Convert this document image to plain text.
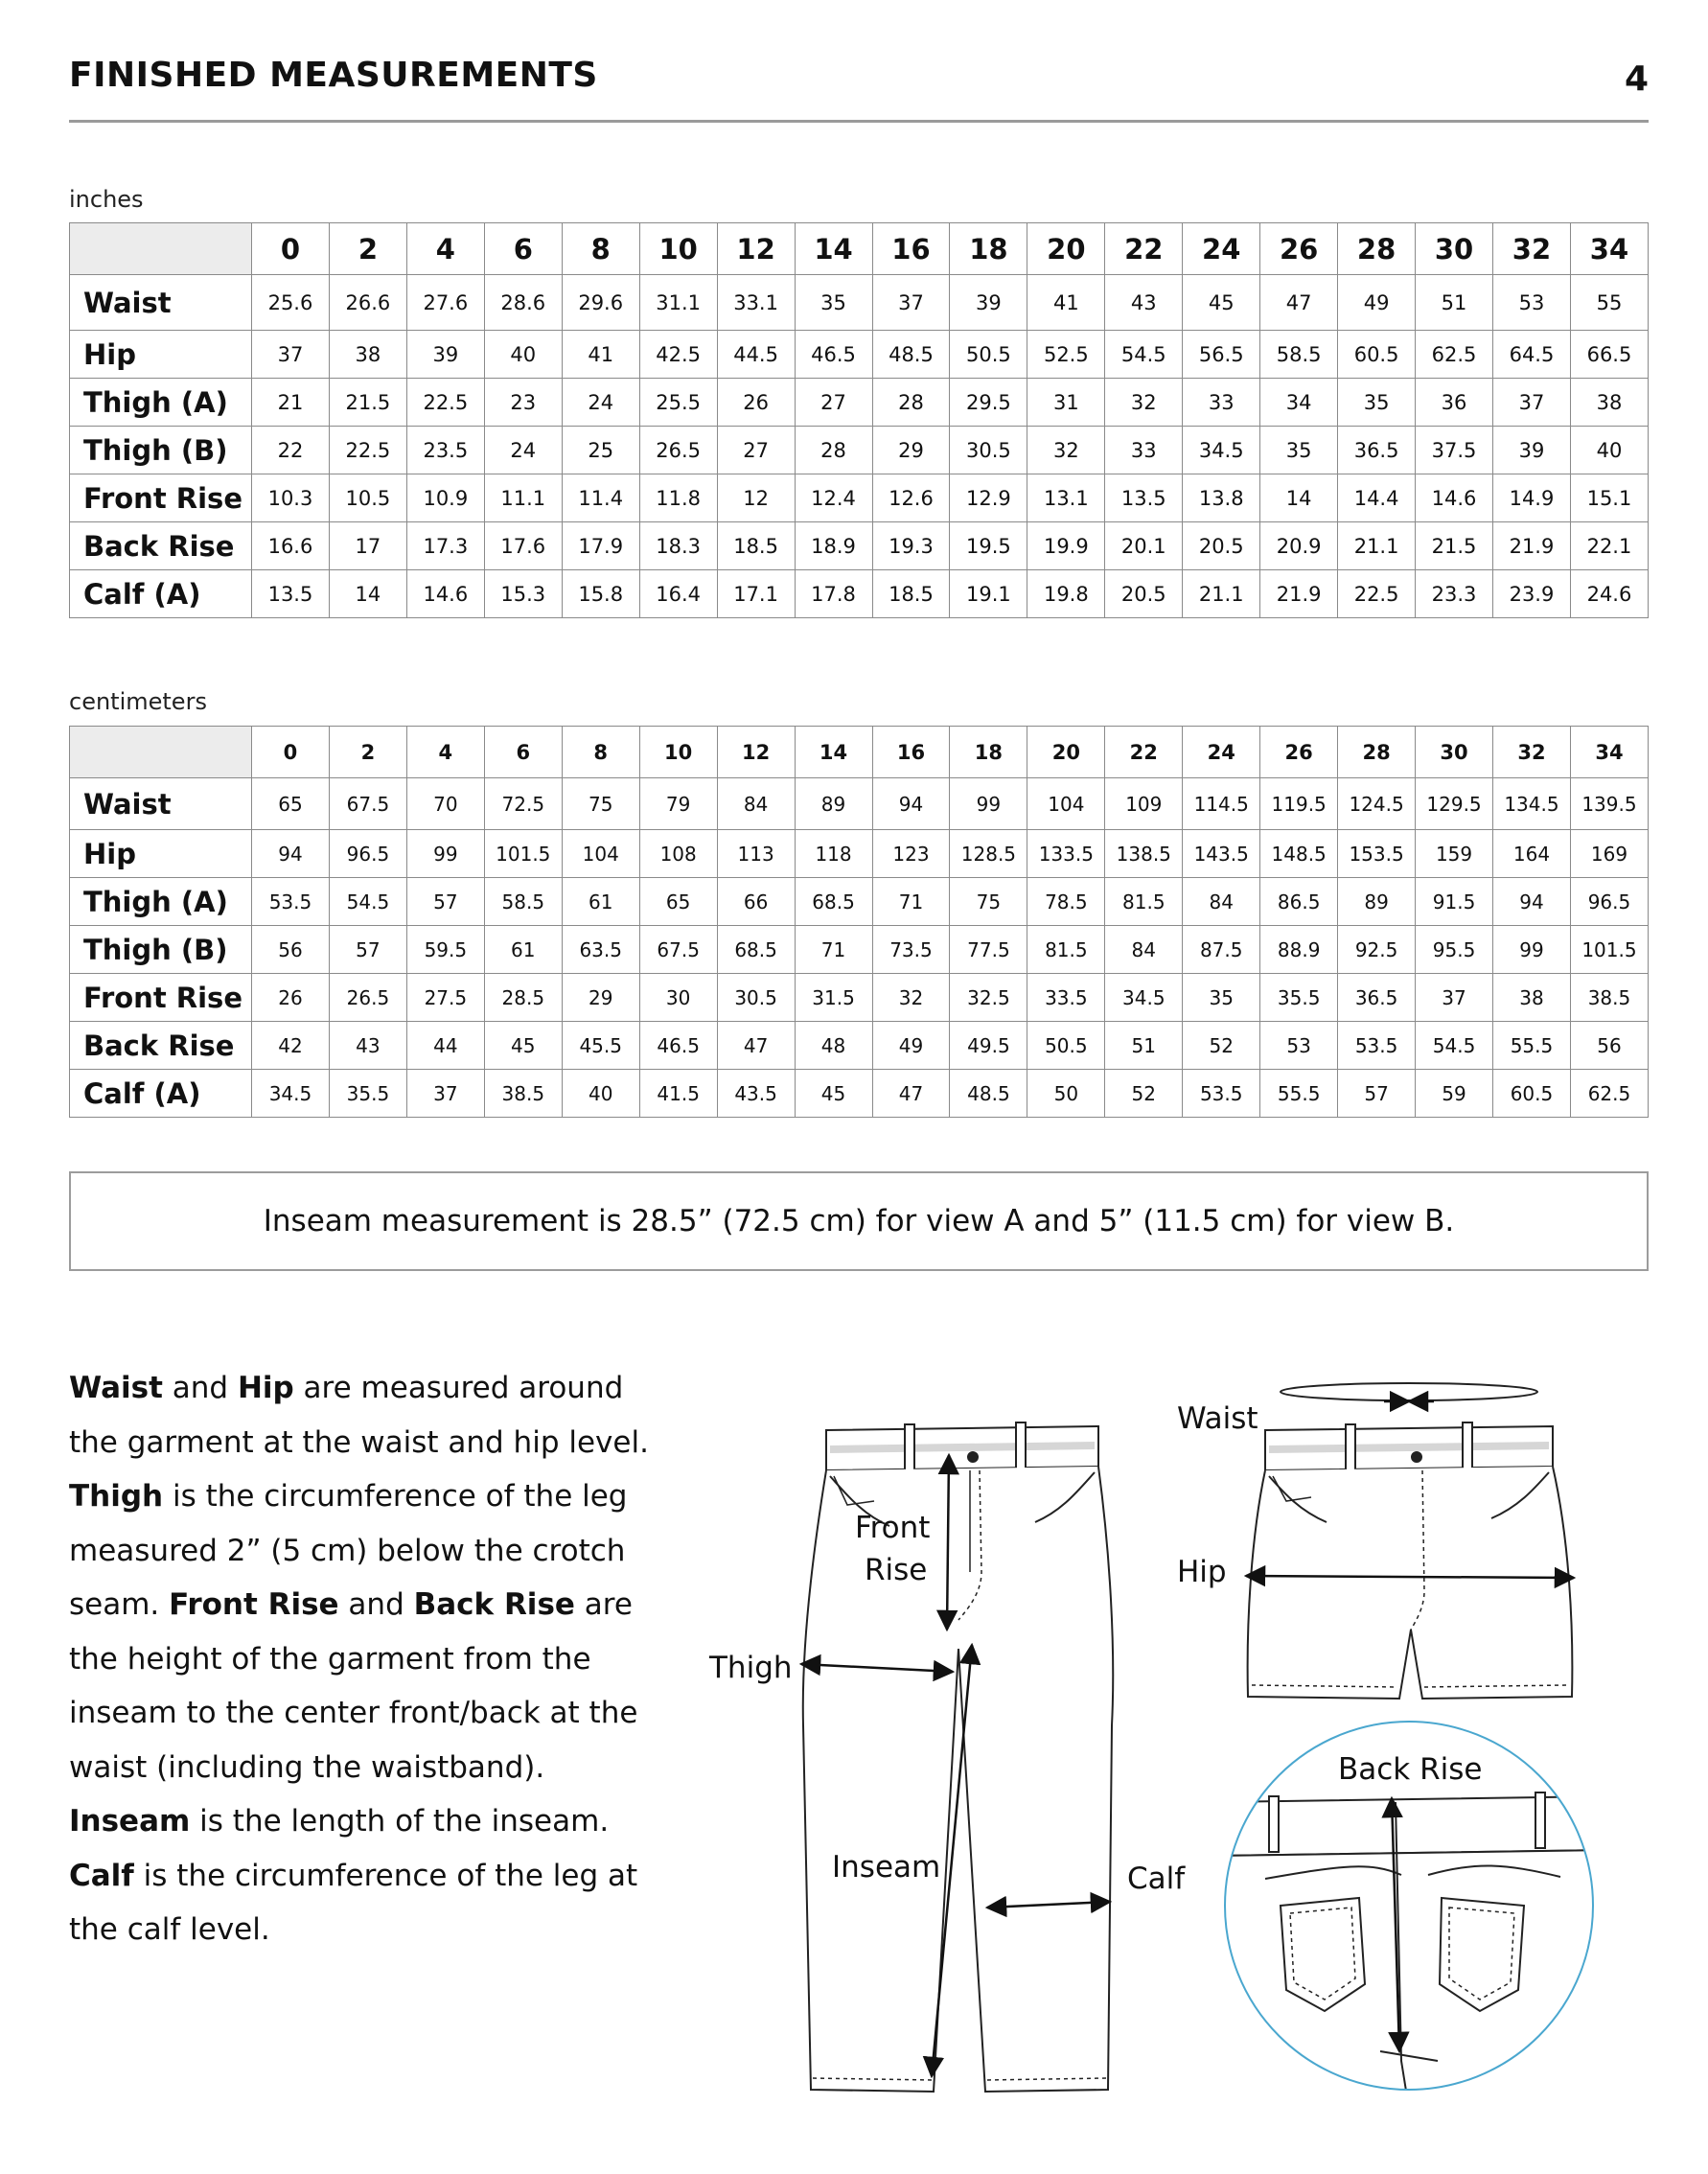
FINISHED MEASUREMENTS	4
inches
	0	2	4	6	8	10	12	14	16	18	20	22	24	26	28	30	32	34
Waist	25.6	26.6	27.6	28.6	29.6	31.1	33.1	35	37	39	41	43	45	47	49	51	53	55
Hip	37	38	39	40	41	42.5	44.5	46.5	48.5	50.5	52.5	54.5	56.5	58.5	60.5	62.5	64.5	66.5
Thigh (A)	21	21.5	22.5	23	24	25.5	26	27	28	29.5	31	32	33	34	35	36	37	38
Thigh (B)	22	22.5	23.5	24	25	26.5	27	28	29	30.5	32	33	34.5	35	36.5	37.5	39	40
Front Rise	10.3	10.5	10.9	11.1	11.4	11.8	12	12.4	12.6	12.9	13.1	13.5	13.8	14	14.4	14.6	14.9	15.1
Back Rise	16.6	17	17.3	17.6	17.9	18.3	18.5	18.9	19.3	19.5	19.9	20.1	20.5	20.9	21.1	21.5	21.9	22.1
Calf (A)	13.5	14	14.6	15.3	15.8	16.4	17.1	17.8	18.5	19.1	19.8	20.5	21.1	21.9	22.5	23.3	23.9	24.6
centimeters
	0	2	4	6	8	10	12	14	16	18	20	22	24	26	28	30	32	34
Waist	65	67.5	70	72.5	75	79	84	89	94	99	104	109	114.5	119.5	124.5	129.5	134.5	139.5
Hip	94	96.5	99	101.5	104	108	113	118	123	128.5	133.5	138.5	143.5	148.5	153.5	159	164	169
Thigh (A)	53.5	54.5	57	58.5	61	65	66	68.5	71	75	78.5	81.5	84	86.5	89	91.5	94	96.5
Thigh (B)	56	57	59.5	61	63.5	67.5	68.5	71	73.5	77.5	81.5	84	87.5	88.9	92.5	95.5	99	101.5
Front Rise	26	26.5	27.5	28.5	29	30	30.5	31.5	32	32.5	33.5	34.5	35	35.5	36.5	37	38	38.5
Back Rise	42	43	44	45	45.5	46.5	47	48	49	49.5	50.5	51	52	53	53.5	54.5	55.5	56
Calf (A)	34.5	35.5	37	38.5	40	41.5	43.5	45	47	48.5	50	52	53.5	55.5	57	59	60.5	62.5
Inseam measurement is 28.5” (72.5 cm) for view A and 5” (11.5 cm) for view B.
Waist and Hip are measured around the garment at the waist and hip level. Thigh is the circumference of the leg measured 2” (5 cm) below the crotch seam. Front Rise and Back Rise are the height of the garment from the inseam to the center front/back at the waist (including the waistband). Inseam is the length of the inseam. Calf is the circumference of the leg at the calf level.
Front
Rise
Thigh
Inseam	Calf
Waist
Hip
Back Rise
